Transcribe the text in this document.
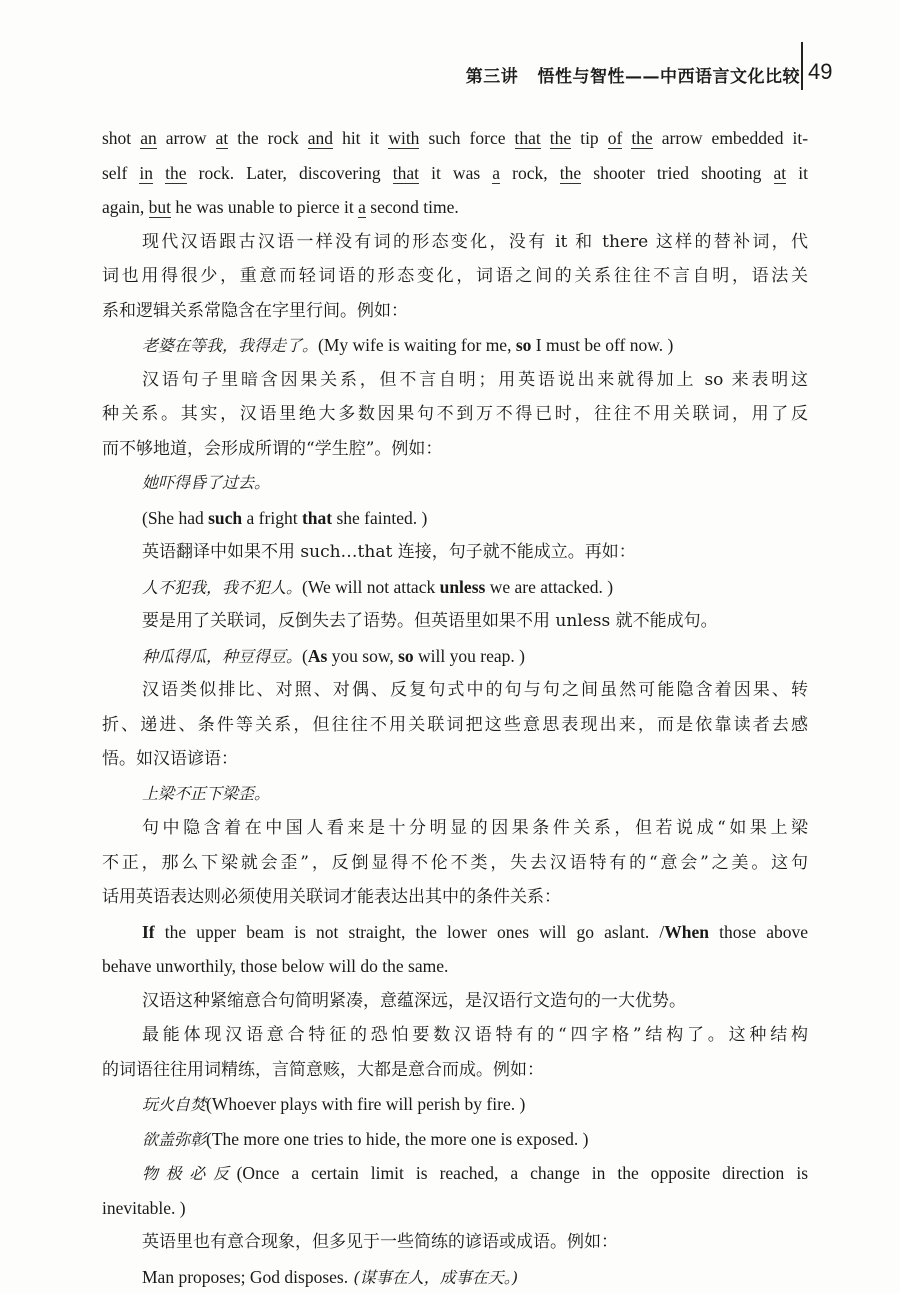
第三讲 悟性与智性——中西语言文化比较 49
shot an arrow at the rock and hit it with such force that the tip of the arrow embedded it-
self in the rock. Later, discovering that it was a rock, the shooter tried shooting at it
again, but he was unable to pierce it a second time.
现代汉语跟古汉语一样没有词的形态变化，没有 it 和 there 这样的替补词，代
词也用得很少，重意而轻词语的形态变化，词语之间的关系往往不言自明，语法关
系和逻辑关系常隐含在字里行间。例如：
老婆在等我，我得走了。(My wife is waiting for me, so I must be off now. )
汉语句子里暗含因果关系，但不言自明；用英语说出来就得加上 so 来表明这
种关系。其实，汉语里绝大多数因果句不到万不得已时，往往不用关联词，用了反
而不够地道，会形成所谓的“学生腔”。例如：
她吓得昏了过去。
(She had such a fright that she fainted. )
英语翻译中如果不用 such…that 连接，句子就不能成立。再如：
人不犯我，我不犯人。(We will not attack unless we are attacked. )
要是用了关联词，反倒失去了语势。但英语里如果不用 unless 就不能成句。
种瓜得瓜，种豆得豆。(As you sow, so will you reap. )
汉语类似排比、对照、对偶、反复句式中的句与句之间虽然可能隐含着因果、转
折、递进、条件等关系，但往往不用关联词把这些意思表现出来，而是依靠读者去感
悟。如汉语谚语：
上梁不正下梁歪。
句中隐含着在中国人看来是十分明显的因果条件关系，但若说成“如果上梁
不正，那么下梁就会歪”，反倒显得不伦不类，失去汉语特有的“意会”之美。这句
话用英语表达则必须使用关联词才能表达出其中的条件关系：
If the upper beam is not straight, the lower ones will go aslant. /When those above
behave unworthily, those below will do the same.
汉语这种紧缩意合句简明紧凑，意蕴深远，是汉语行文造句的一大优势。
最能体现汉语意合特征的恐怕要数汉语特有的“四字格”结构了。这种结构
的词语往往用词精练，言简意赅，大都是意合而成。例如：
玩火自焚(Whoever plays with fire will perish by fire. )
欲盖弥彰(The more one tries to hide, the more one is exposed. )
物极必反(Once a certain limit is reached, a change in the opposite direction is
inevitable. )
英语里也有意合现象，但多见于一些简练的谚语或成语。例如：
Man proposes; God disposes. (谋事在人，成事在天。)
